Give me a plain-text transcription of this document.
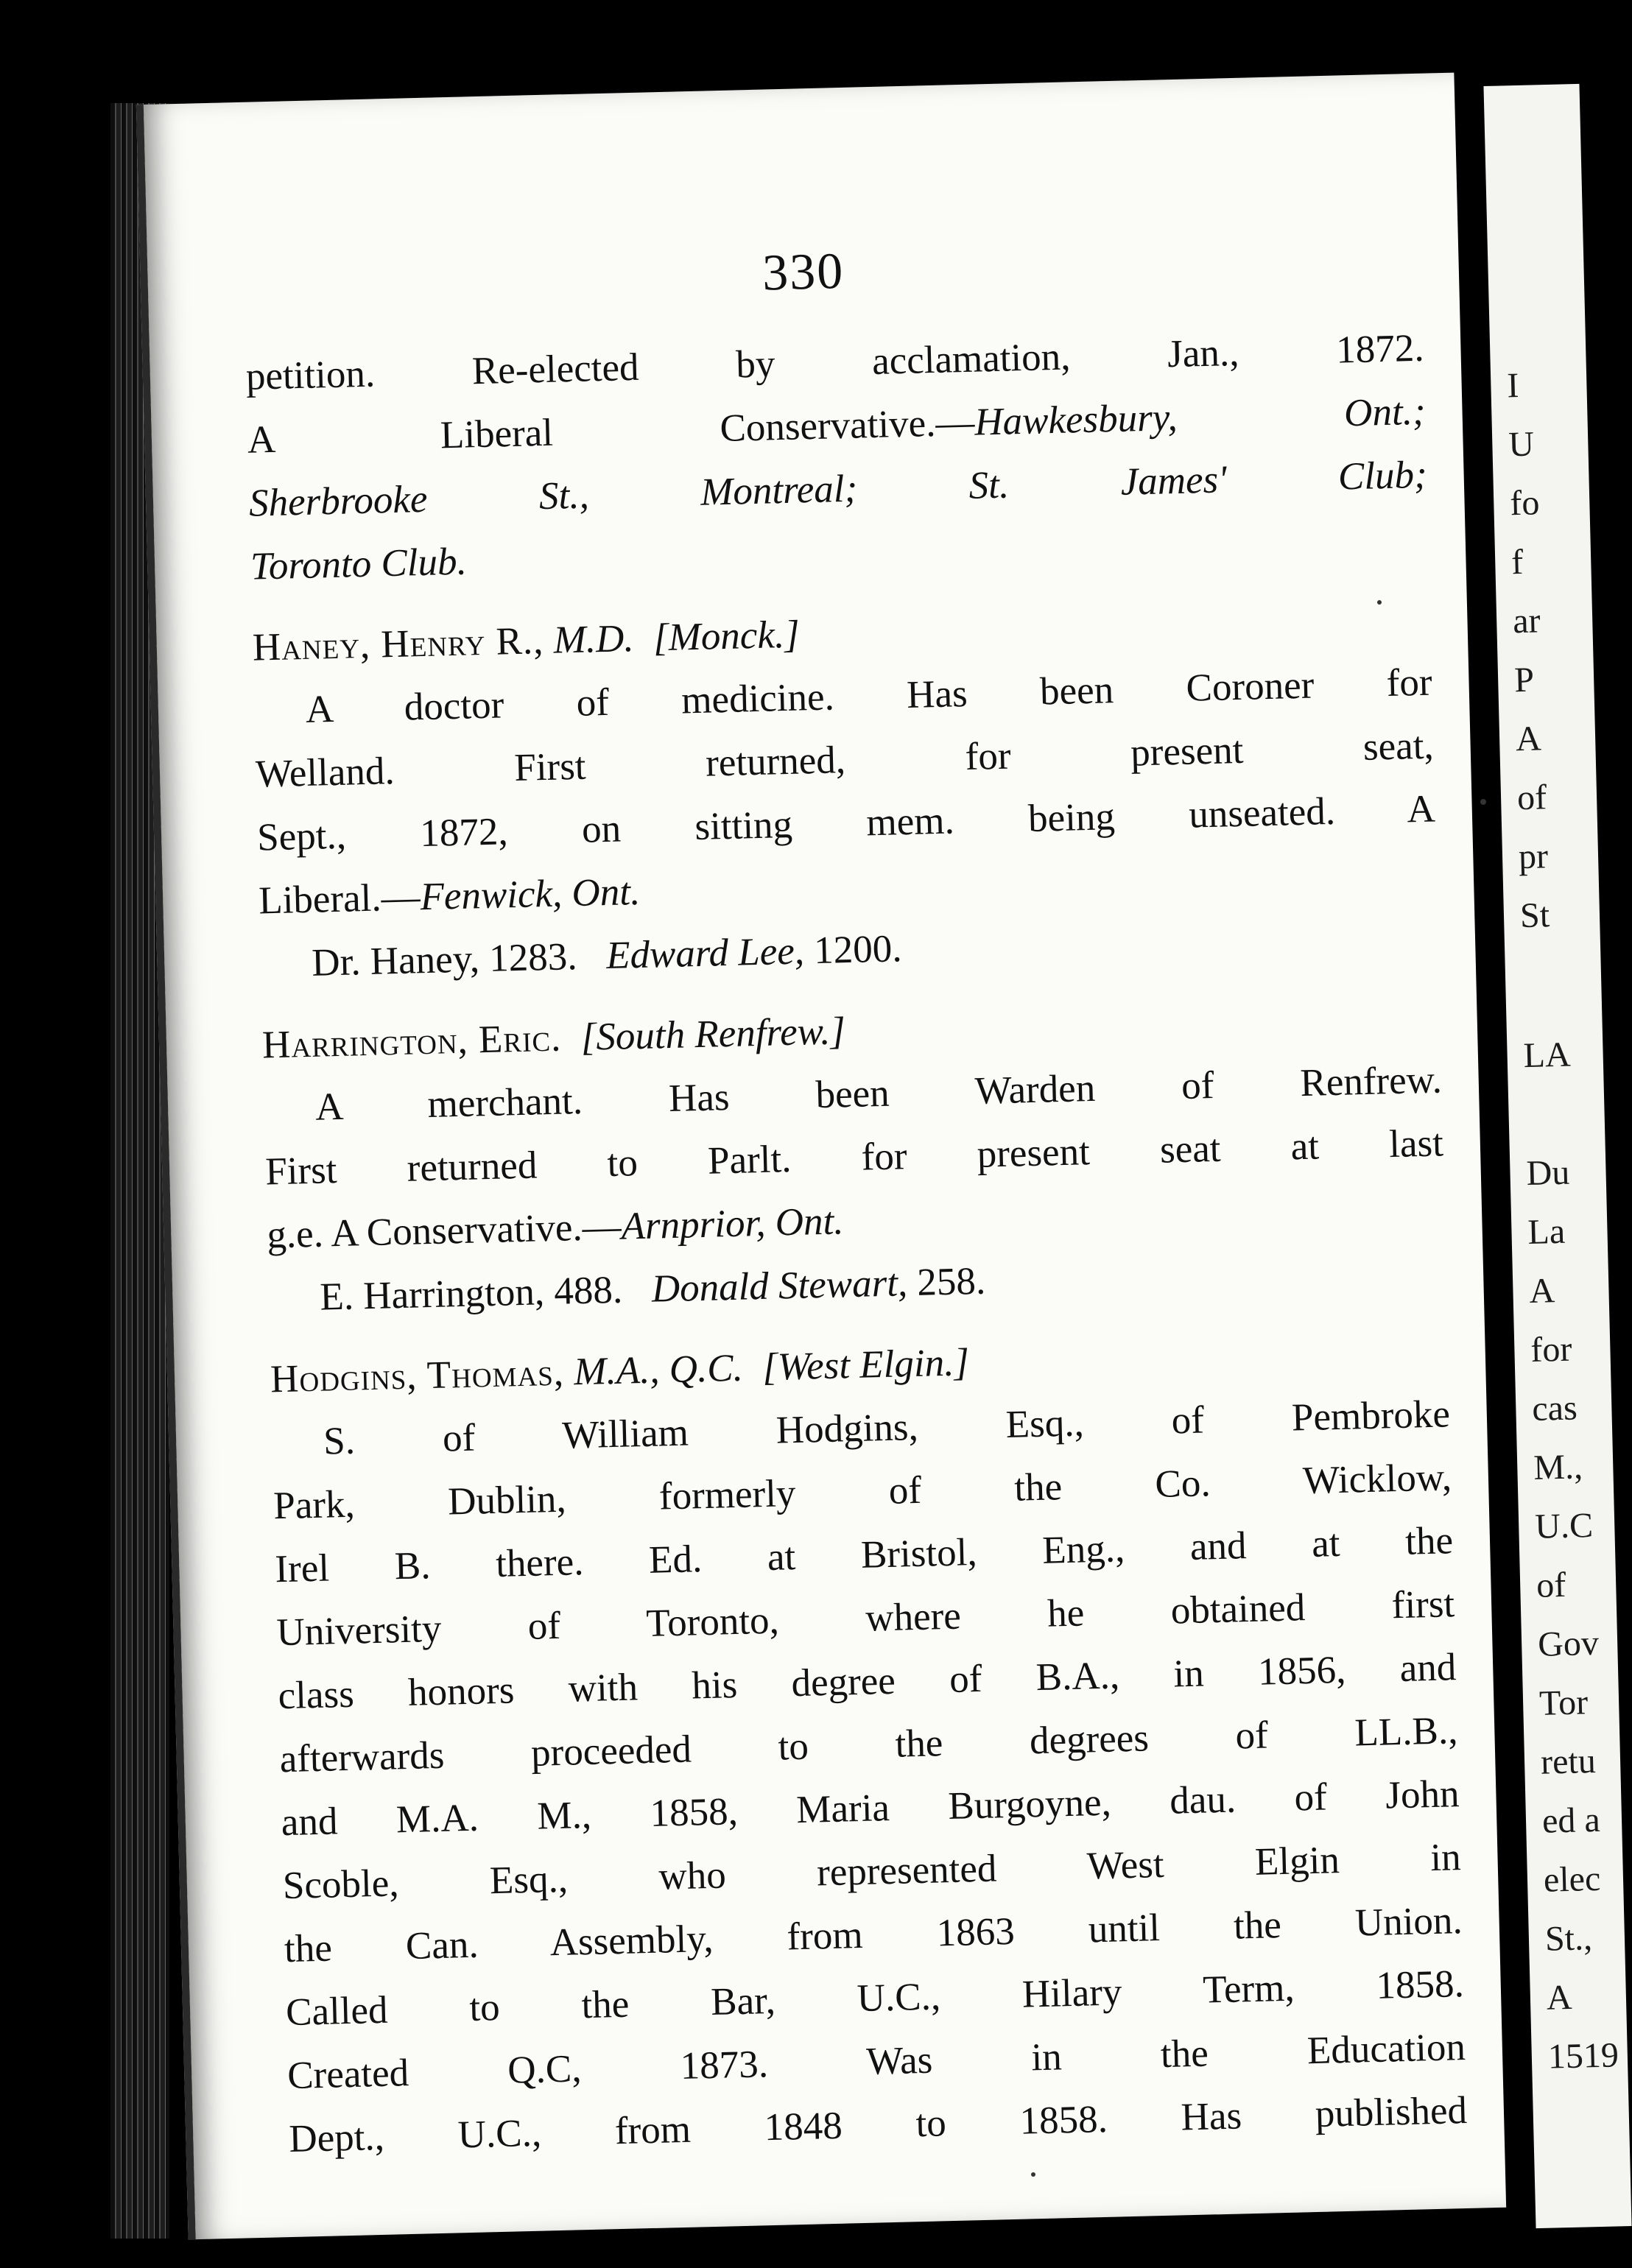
330
petition. Re-elected by acclamation, Jan., 1872.
A Liberal Conservative.—Hawkesbury, Ont.;
Sherbrooke St., Montreal; St. James' Club;
Toronto Club.
Haney, Henry R., M.D. [Monck.]
A doctor of medicine. Has been Coroner for
Welland. First returned, for present seat,
Sept., 1872, on sitting mem. being unseated. A
Liberal.—Fenwick, Ont.
Dr. Haney, 1283. Edward Lee, 1200.
Harrington, Eric. [South Renfrew.]
A merchant. Has been Warden of Renfrew.
First returned to Parlt. for present seat at last
g.e. A Conservative.—Arnprior, Ont.
E. Harrington, 488. Donald Stewart, 258.
Hodgins, Thomas, M.A., Q.C. [West Elgin.]
S. of William Hodgins, Esq., of Pembroke
Park, Dublin, formerly of the Co. Wicklow,
Irel B. there. Ed. at Bristol, Eng., and at the
University of Toronto, where he obtained first
class honors with his degree of B.A., in 1856, and
afterwards proceeded to the degrees of LL.B.,
and M.A. M., 1858, Maria Burgoyne, dau. of John
Scoble, Esq., who represented West Elgin in
the Can. Assembly, from 1863 until the Union.
Called to the Bar, U.C., Hilary Term, 1858.
Created Q.C, 1873. Was in the Education
Dept., U.C., from 1848 to 1858. Has published
I
U
fo
f
ar
P
A
of
pr
St
LA
Du
La
A
for
cas
M.,
U.C
of
Gov
Tor
retu
ed a
elec
St.,
A
1519
